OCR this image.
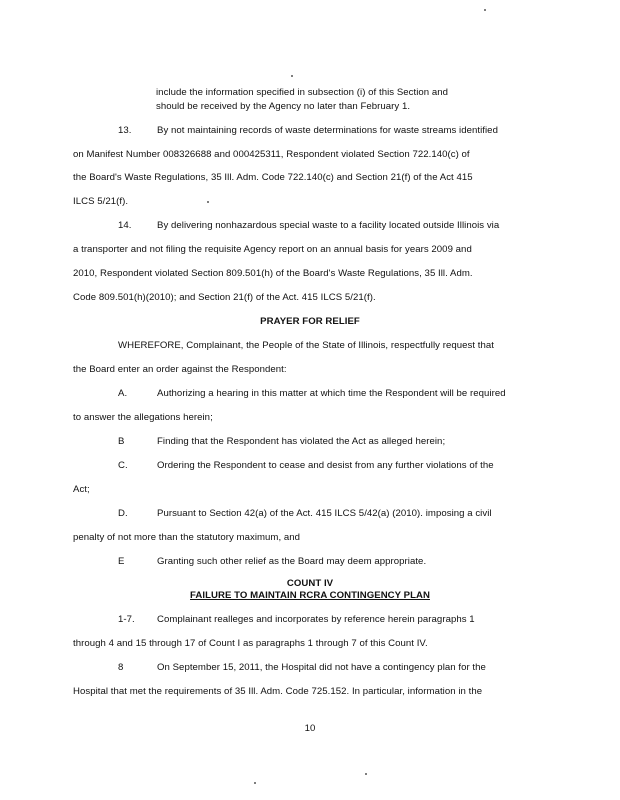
include the information specified in subsection (i) of this Section and
should be received by the Agency no later than February 1.
13.	By not maintaining records of waste determinations for waste streams identified
on Manifest Number 008326688 and 000425311, Respondent violated Section 722.140(c) of
the Board's Waste Regulations, 35 Ill. Adm. Code 722.140(c) and Section 21(f) of the Act 415
ILCS 5/21(f).
14.	By delivering nonhazardous special waste to a facility located outside Illinois via
a transporter and not filing the requisite Agency report on an annual basis for years 2009 and
2010, Respondent violated Section 809.501(h) of the Board's Waste Regulations, 35 Ill. Adm.
Code 809.501(h)(2010); and Section 21(f) of the Act. 415 ILCS 5/21(f).
PRAYER FOR RELIEF
WHEREFORE, Complainant, the People of the State of Illinois, respectfully request that
the Board enter an order against the Respondent:
A.	Authorizing a hearing in this matter at which time the Respondent will be required
to answer the allegations herein;
B	Finding that the Respondent has violated the Act as alleged herein;
C.	Ordering the Respondent to cease and desist from any further violations of the
Act;
D.	Pursuant to Section 42(a) of the Act. 415 ILCS 5/42(a) (2010). imposing a civil
penalty of not more than the statutory maximum, and
E	Granting such other relief as the Board may deem appropriate.
COUNT IV
FAILURE TO MAINTAIN RCRA CONTINGENCY PLAN
1-7. Complainant realleges and incorporates by reference herein paragraphs 1
through 4 and 15 through 17 of Count I as paragraphs 1 through 7 of this Count IV.
8	On September 15, 2011, the Hospital did not have a contingency plan for the
Hospital that met the requirements of 35 Ill. Adm. Code 725.152. In particular, information in the
10
